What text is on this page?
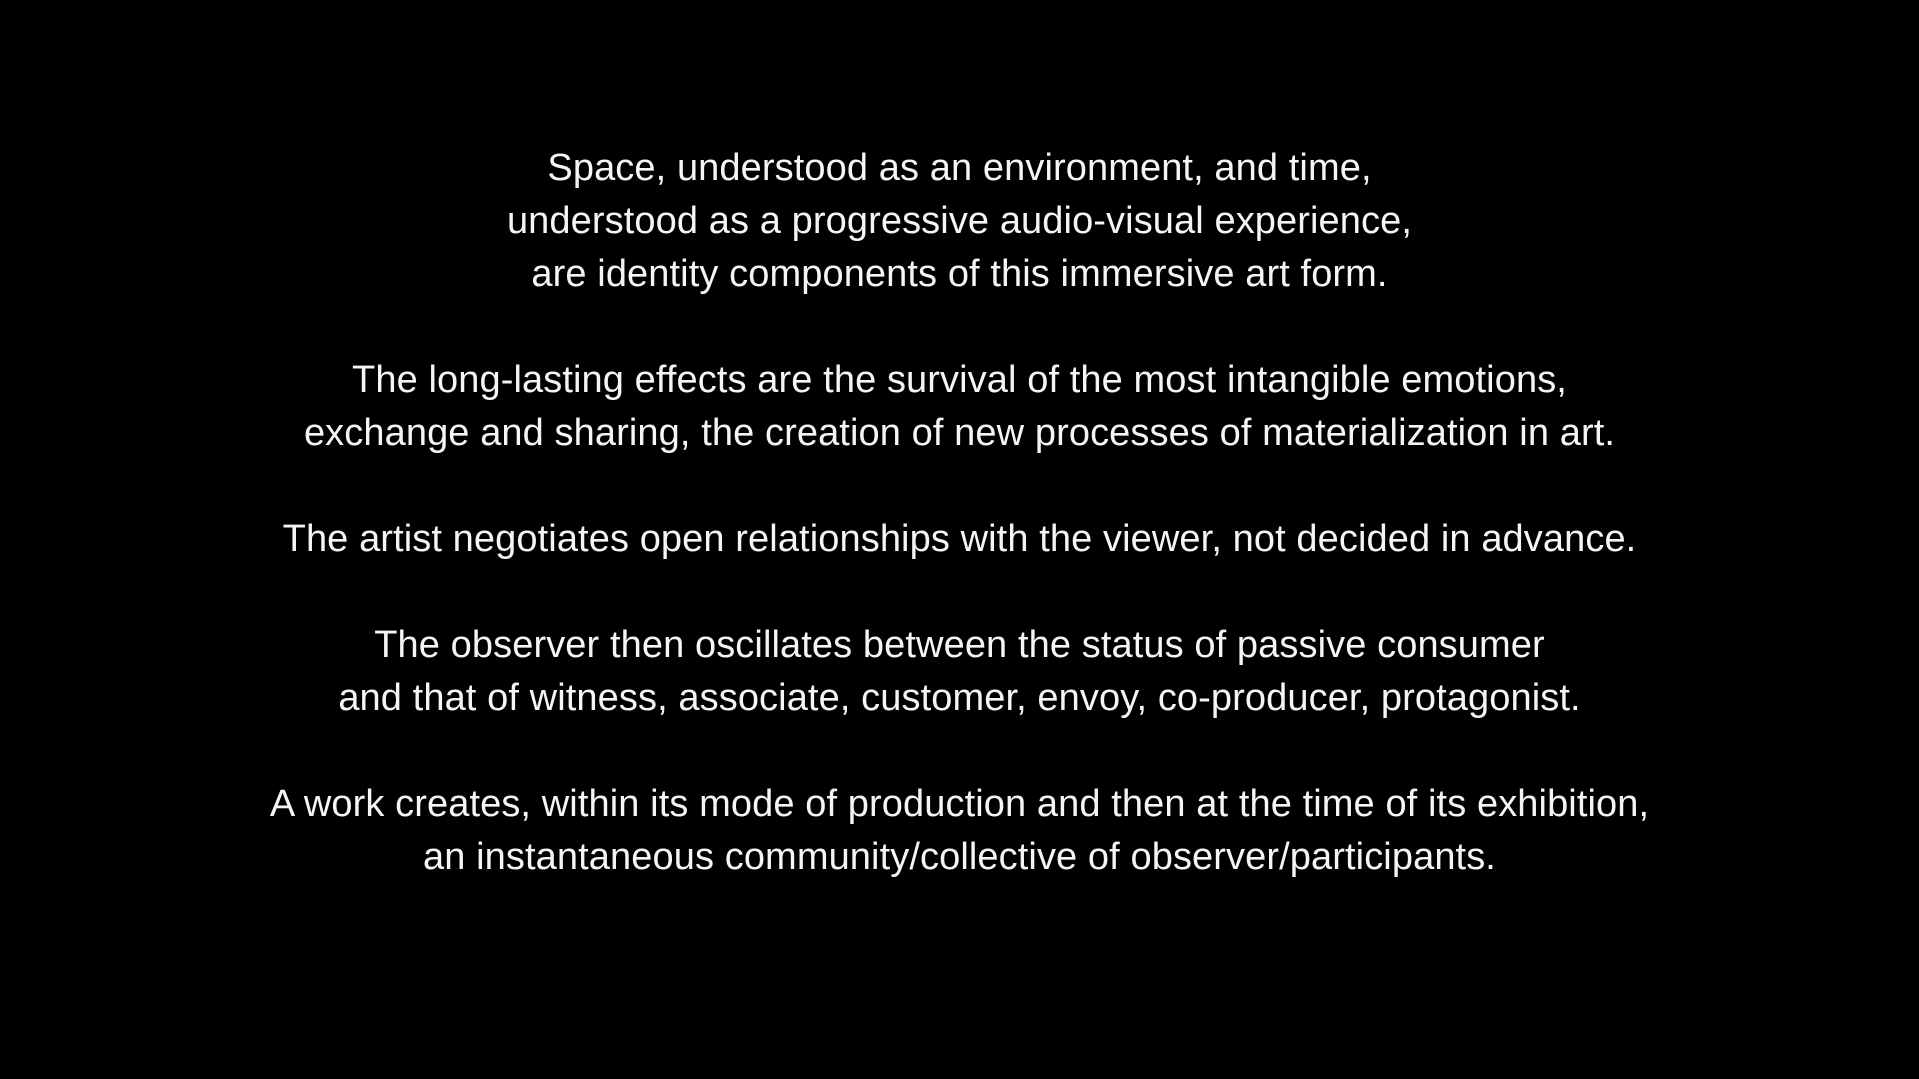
Space, understood as an environment, and time,
understood as a progressive audio-visual experience,
are identity components of this immersive art form.
The long-lasting effects are the survival of the most intangible emotions,
exchange and sharing, the creation of new processes of materialization in art.
The artist negotiates open relationships with the viewer, not decided in advance.
The observer then oscillates between the status of passive consumer
and that of witness, associate, customer, envoy, co-producer, protagonist.
A work creates, within its mode of production and then at the time of its exhibition,
an instantaneous community/collective of observer/participants.
